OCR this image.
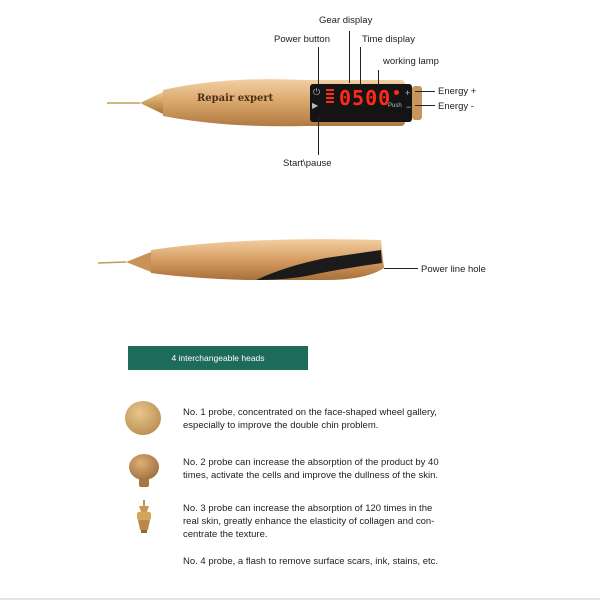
⏻
▶ 0500
Push
+
−
Repair expert
Gear display
Power button	Time display
working lamp
Energy +
Energy -
Start\pause
Power line hole
4 interchangeable heads
No. 1 probe, concentrated on the face-shaped wheel gallery,
especially to improve the double chin problem.
No. 2 probe can increase the absorption of the product by 40
times, activate the cells and improve the dullness of the skin.
No. 3 probe can increase the absorption of 120 times in the
real skin, greatly enhance the elasticity of collagen and con-
centrate the texture.
No. 4 probe, a flash to remove surface scars, ink, stains, etc.
